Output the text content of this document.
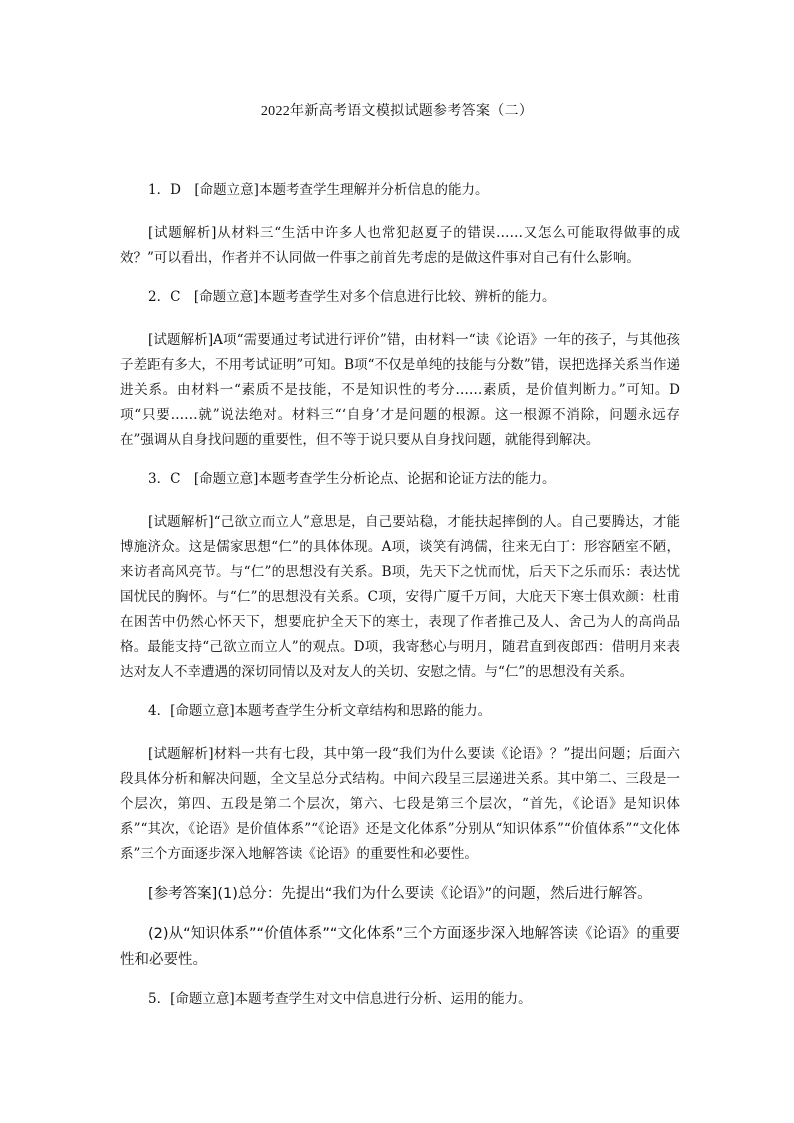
2022年新高考语文模拟试题参考答案（二）

1．D　[命题立意]本题考查学生理解并分析信息的能力。

[试题解析]从材料三“生活中许多人也常犯赵夏子的错误……又怎么可能取得做事的成效？”可以看出，作者并不认同做一件事之前首先考虑的是做这件事对自己有什么影响。

2．C　[命题立意]本题考查学生对多个信息进行比较、辨析的能力。

[试题解析]A项“需要通过考试进行评价”错，由材料一“读《论语》一年的孩子，与其他孩子差距有多大，不用考试证明”可知。B项“不仅是单纯的技能与分数”错，误把选择关系当作递进关系。由材料一“素质不是技能，不是知识性的考分……素质，是价值判断力。”可知。D项“只要……就”说法绝对。材料三“‘自身’才是问题的根源。这一根源不消除，问题永远存在”强调从自身找问题的重要性，但不等于说只要从自身找问题，就能得到解决。

3．C　[命题立意]本题考查学生分析论点、论据和论证方法的能力。

[试题解析]“己欲立而立人”意思是，自己要站稳，才能扶起摔倒的人。自己要腾达，才能博施济众。这是儒家思想“仁”的具体体现。A项，谈笑有鸿儒，往来无白丁：形容陋室不陋，来访者高风亮节。与“仁”的思想没有关系。B项，先天下之忧而忧，后天下之乐而乐：表达忧国忧民的胸怀。与“仁”的思想没有关系。C项，安得广厦千万间，大庇天下寒士俱欢颜：杜甫在困苦中仍然心怀天下，想要庇护全天下的寒士，表现了作者推己及人、舍己为人的高尚品格。最能支持“己欲立而立人”的观点。D项，我寄愁心与明月，随君直到夜郎西：借明月来表达对友人不幸遭遇的深切同情以及对友人的关切、安慰之情。与“仁”的思想没有关系。

4．[命题立意]本题考查学生分析文章结构和思路的能力。

[试题解析]材料一共有七段，其中第一段“我们为什么要读《论语》？”提出问题；后面六段具体分析和解决问题，全文呈总分式结构。中间六段呈三层递进关系。其中第二、三段是一个层次，第四、五段是第二个层次，第六、七段是第三个层次，“首先，《论语》是知识体系”“其次，《论语》是价值体系”“《论语》还是文化体系”分别从“知识体系”“价值体系”“文化体系”三个方面逐步深入地解答读《论语》的重要性和必要性。

[参考答案](1)总分：先提出“我们为什么要读《论语》”的问题，然后进行解答。

(2)从“知识体系”“价值体系”“文化体系”三个方面逐步深入地解答读《论语》的重要性和必要性。

5．[命题立意]本题考查学生对文中信息进行分析、运用的能力。
